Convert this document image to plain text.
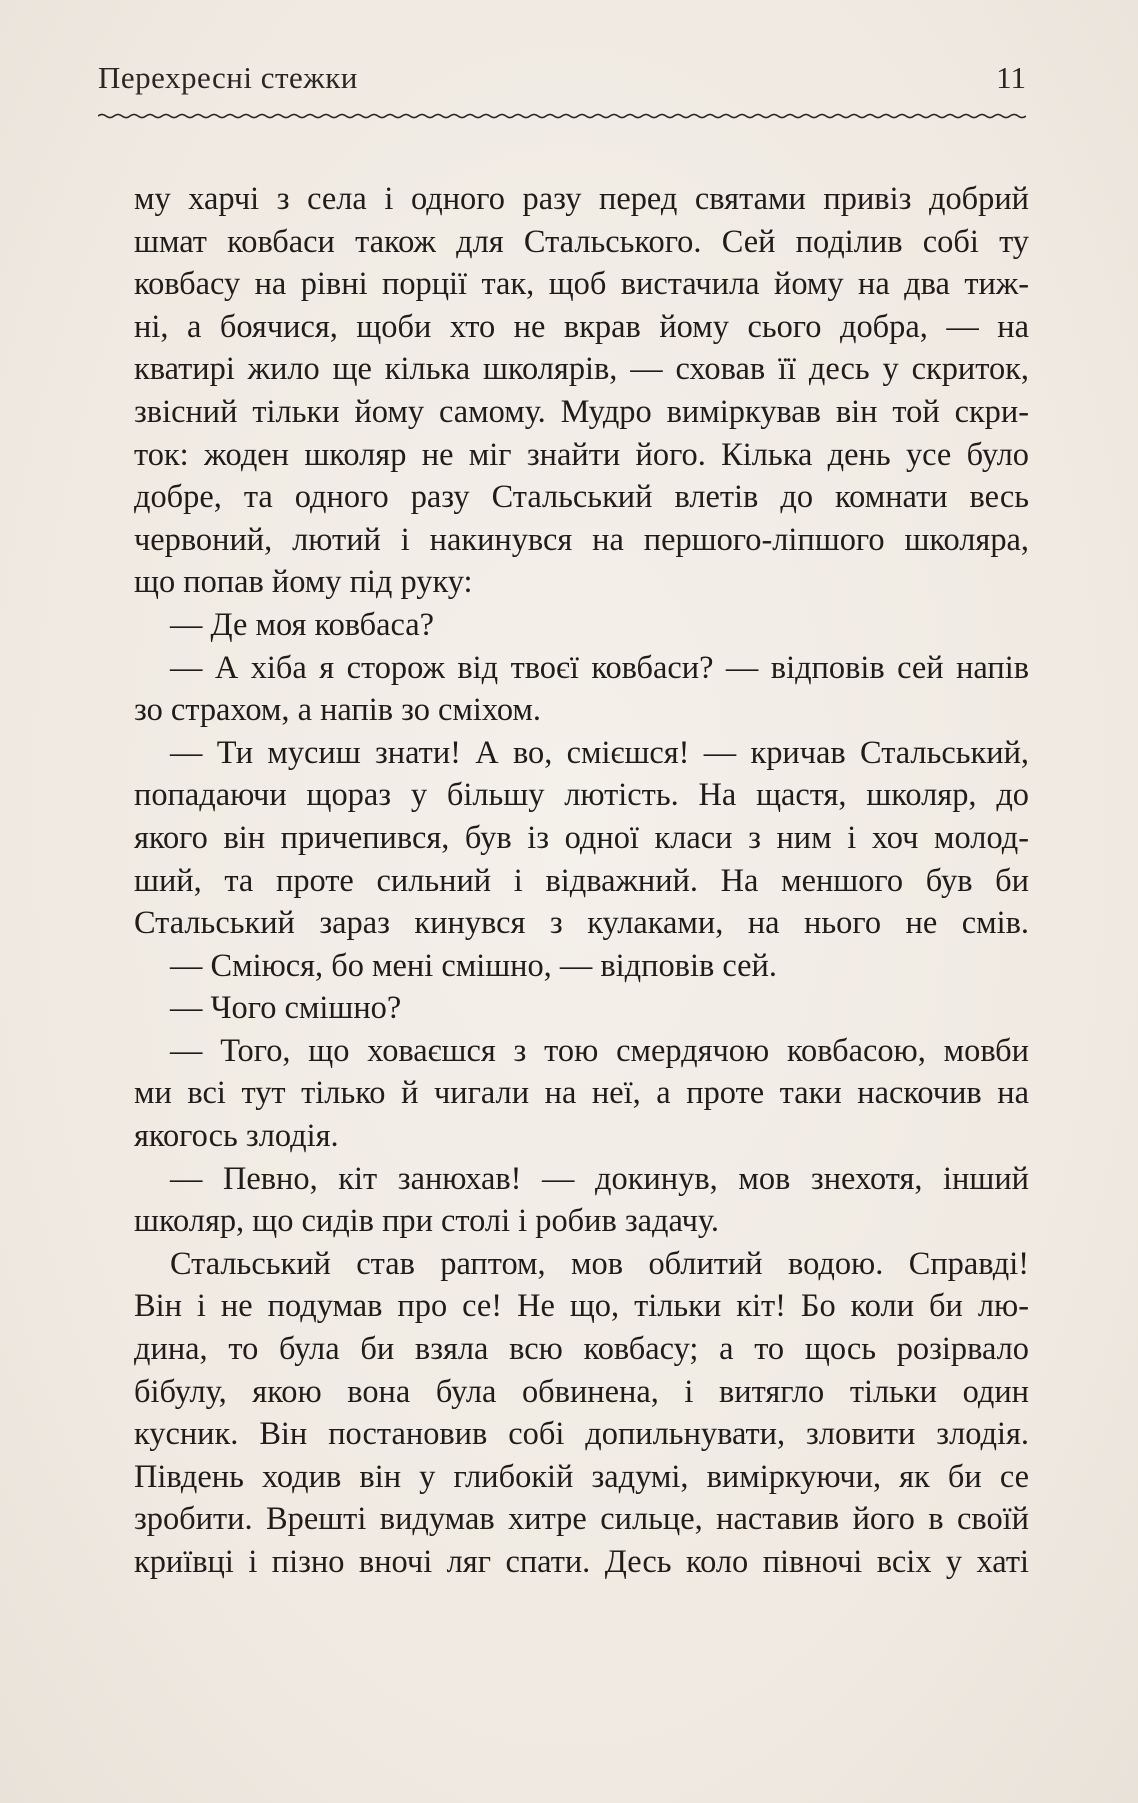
Перехресні стежки	11
му харчі з села і одного разу перед святами привіз добрий
шмат ковбаси також для Стальського. Сей поділив собі ту
ковбасу на рівні порції так, щоб вистачила йому на два тиж-
ні, а боячися, щоби хто не вкрав йому сього добра, — на
кватирі жило ще кілька школярів, — сховав її десь у скриток,
звісний тільки йому самому. Мудро виміркував він той скри-
ток: жоден школяр не міг знайти його. Кілька день усе було
добре, та одного разу Стальський влетів до комнати весь
червоний, лютий і накинувся на першого-ліпшого школяра,
що попав йому під руку:
— Де моя ковбаса?
— А хіба я сторож від твоєї ковбаси? — відповів сей напів
зо страхом, а напів зо сміхом.
— Ти мусиш знати! А во, смієшся! — кричав Стальський,
попадаючи щораз у більшу лютість. На щастя, школяр, до
якого він причепився, був із одної класи з ним і хоч молод-
ший, та проте сильний і відважний. На меншого був би
Стальський зараз кинувся з кулаками, на нього не смів.
— Сміюся, бо мені смішно, — відповів сей.
— Чого смішно?
— Того, що ховаєшся з тою смердячою ковбасою, мовби
ми всі тут тілько й чигали на неї, а проте таки наскочив на
якогось злодія.
— Певно, кіт занюхав! — докинув, мов знехотя, інший
школяр, що сидів при столі і робив задачу.
Стальський став раптом, мов облитий водою. Справді!
Він і не подумав про се! Не що, тільки кіт! Бо коли би лю-
дина, то була би взяла всю ковбасу; а то щось розірвало
бібулу, якою вона була обвинена, і витягло тільки один
кусник. Він постановив собі допильнувати, зловити злодія.
Південь ходив він у глибокій задумі, виміркуючи, як би се
зробити. Врешті видумав хитре сильце, наставив його в своїй
криївці і пізно вночі ляг спати. Десь коло півночі всіх у хаті
